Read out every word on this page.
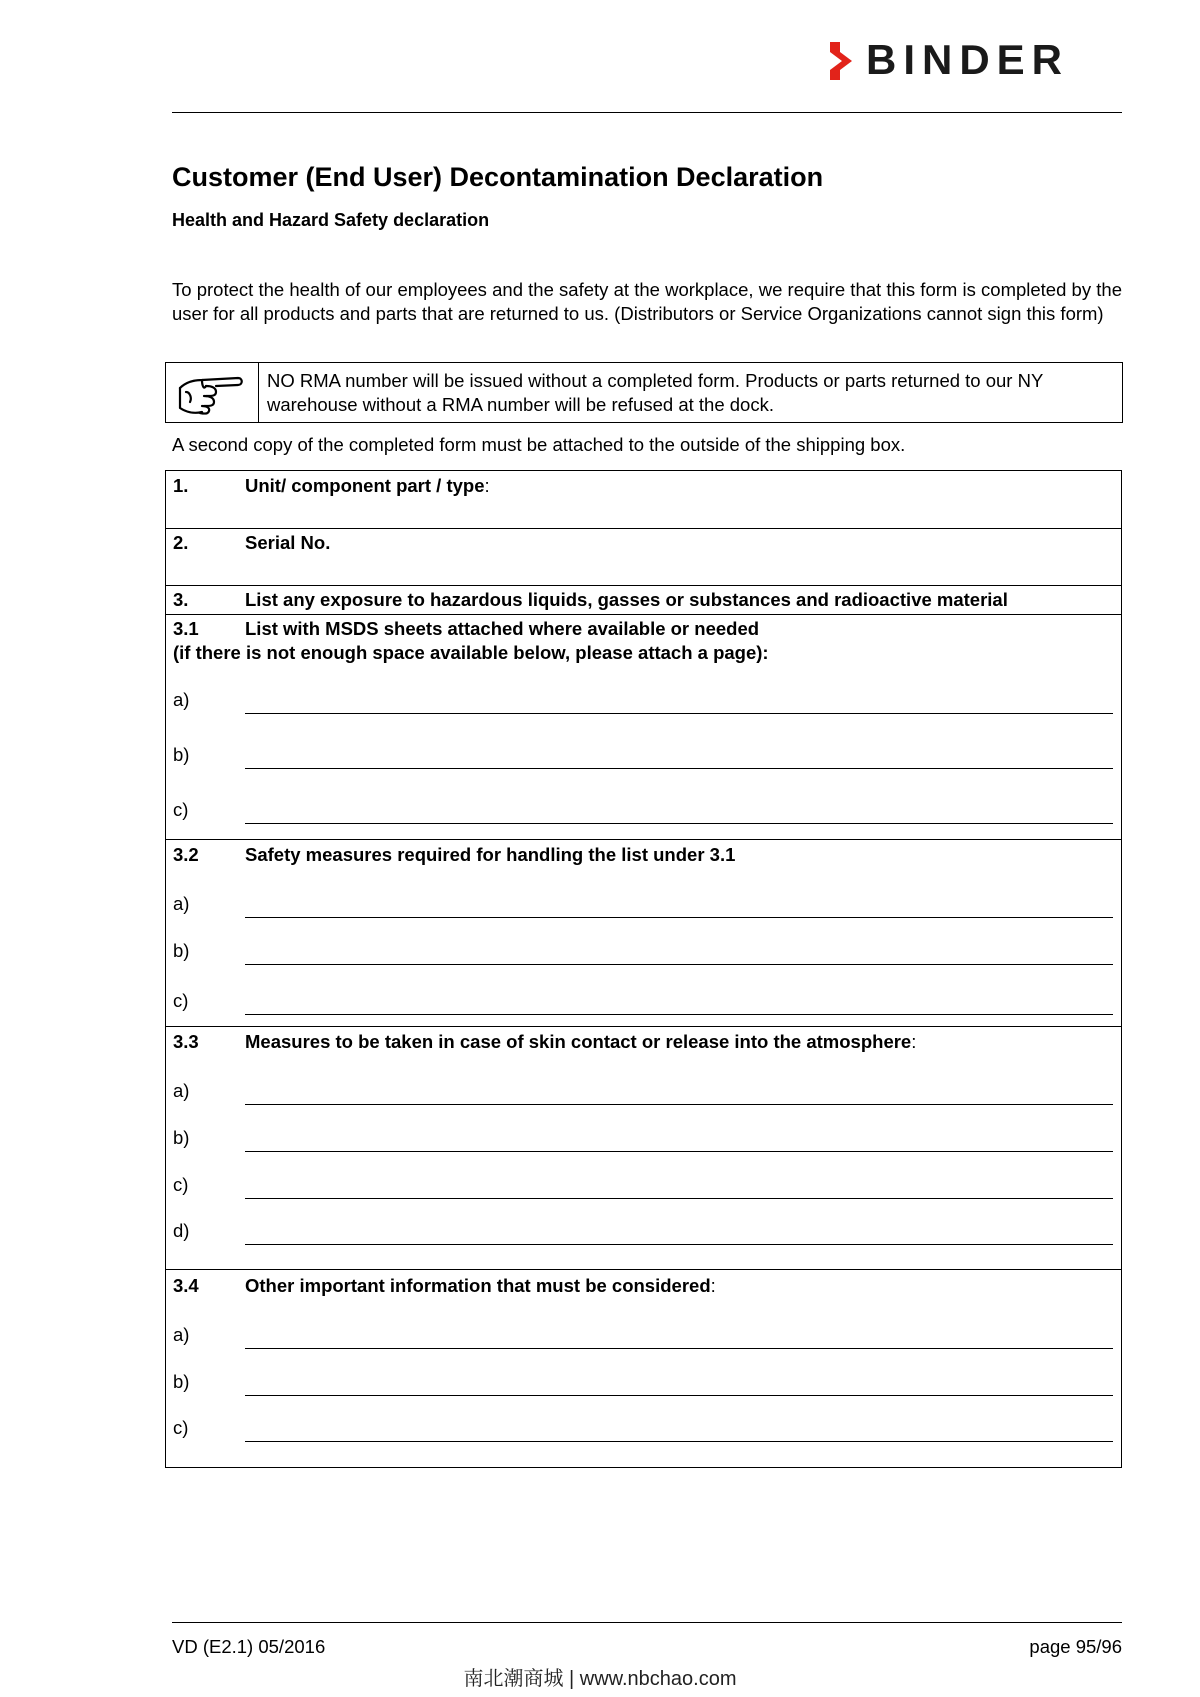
BINDER
Customer (End User) Decontamination Declaration
Health and Hazard Safety declaration
To protect the health of our employees and the safety at the workplace, we require that this form is completed by the user for all products and parts that are returned to us. (Distributors or Service Organizations cannot sign this form)
NO RMA number will be issued without a completed form. Products or parts returned to our NY warehouse without a RMA number will be refused at the dock.
A second copy of the completed form must be attached to the outside of the shipping box.
1.	Unit/ component part / type:
2.	Serial No.
3.	List any exposure to hazardous liquids, gasses or substances and radioactive material
3.1	List with MSDS sheets attached where available or needed
(if there is not enough space available below, please attach a page):
a)
b)
c)
3.2	Safety measures required for handling the list under 3.1
a)
b)
c)
3.3	Measures to be taken in case of skin contact or release into the atmosphere:
a)
b)
c)
d)
3.4	Other important information that must be considered:
a)
b)
c)
VD (E2.1) 05/2016	page 95/96
南北潮商城 | www.nbchao.com
